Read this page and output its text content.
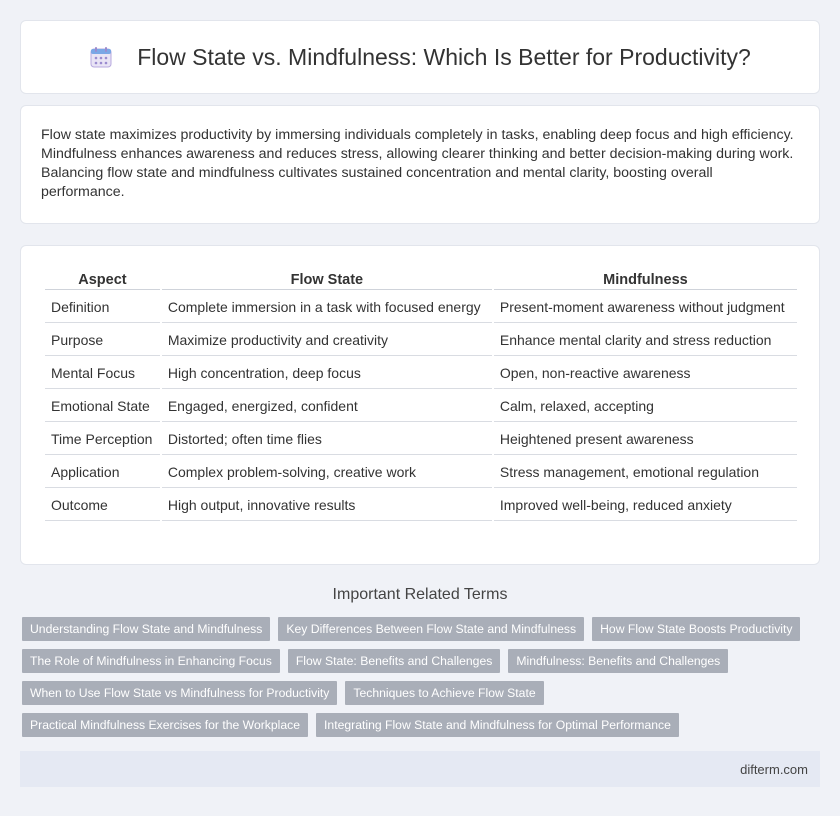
Flow State vs. Mindfulness: Which Is Better for Productivity?

Flow state maximizes productivity by immersing individuals completely in tasks, enabling deep focus and high efficiency. Mindfulness enhances awareness and reduces stress, allowing clearer thinking and better decision-making during work. Balancing flow state and mindfulness cultivates sustained concentration and mental clarity, boosting overall performance.

Aspect	Flow State	Mindfulness
Definition	Complete immersion in a task with focused energy	Present-moment awareness without judgment
Purpose	Maximize productivity and creativity	Enhance mental clarity and stress reduction
Mental Focus	High concentration, deep focus	Open, non-reactive awareness
Emotional State	Engaged, energized, confident	Calm, relaxed, accepting
Time Perception	Distorted; often time flies	Heightened present awareness
Application	Complex problem-solving, creative work	Stress management, emotional regulation
Outcome	High output, innovative results	Improved well-being, reduced anxiety
Important Related Terms
Understanding Flow State and Mindfulness	Key Differences Between Flow State and Mindfulness	How Flow State Boosts Productivity
The Role of Mindfulness in Enhancing Focus	Flow State: Benefits and Challenges	Mindfulness: Benefits and Challenges
When to Use Flow State vs Mindfulness for Productivity	Techniques to Achieve Flow State
Practical Mindfulness Exercises for the Workplace	Integrating Flow State and Mindfulness for Optimal Performance
difterm.com
